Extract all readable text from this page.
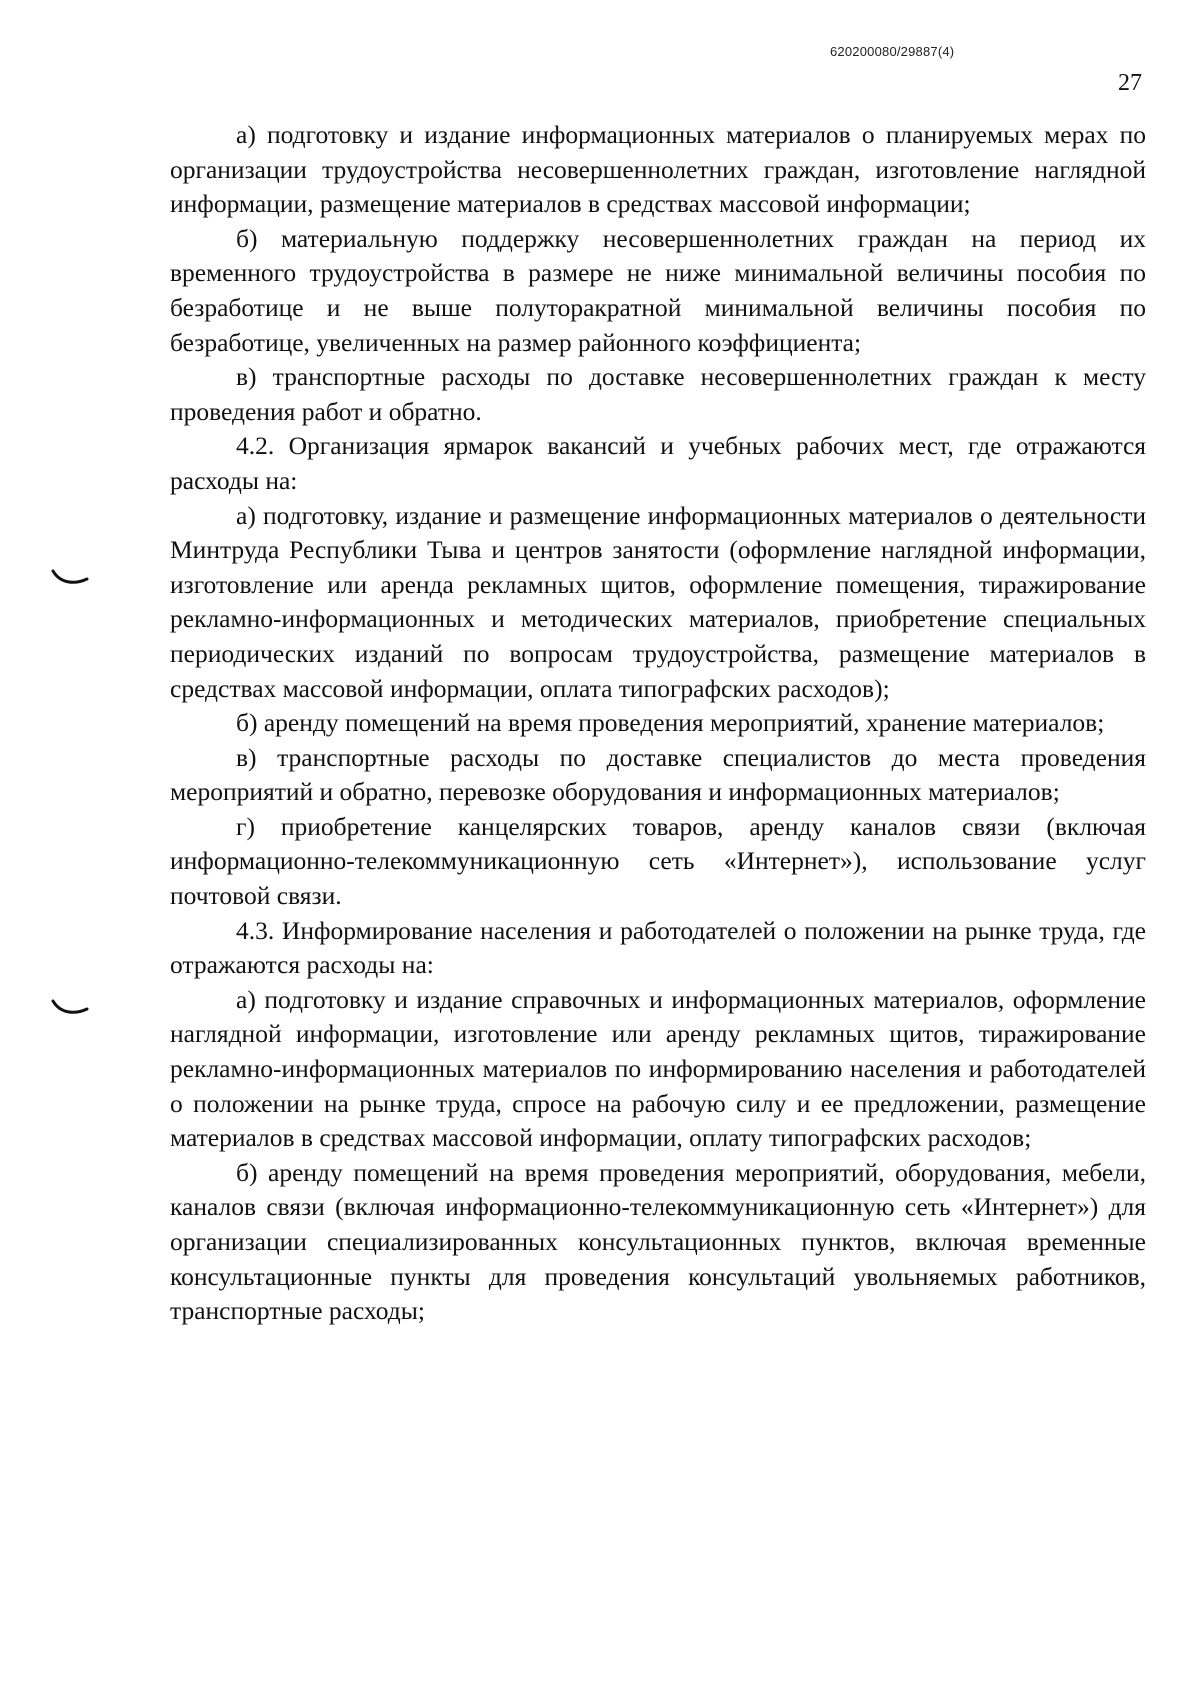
620200080/29887(4)
27

а) подготовку и издание информационных материалов о планируемых мерах по организации трудоустройства несовершеннолетних граждан, изготовление наглядной информации, размещение материалов в средствах массовой информации;

б) материальную поддержку несовершеннолетних граждан на период их временного трудоустройства в размере не ниже минимальной величины пособия по безработице и не выше полуторакратной минимальной величины пособия по безработице, увеличенных на размер районного коэффициента;

в) транспортные расходы по доставке несовершеннолетних граждан к месту проведения работ и обратно.

4.2. Организация ярмарок вакансий и учебных рабочих мест, где отражаются расходы на:

а) подготовку, издание и размещение информационных материалов о деятельности Минтруда Республики Тыва и центров занятости (оформление наглядной информации, изготовление или аренда рекламных щитов, оформление помещения, тиражирование рекламно-информационных и методических материалов, приобретение специальных периодических изданий по вопросам трудоустройства, размещение материалов в средствах массовой информации, оплата типографских расходов);

б) аренду помещений на время проведения мероприятий, хранение материалов;

в) транспортные расходы по доставке специалистов до места проведения мероприятий и обратно, перевозке оборудования и информационных материалов;

г) приобретение канцелярских товаров, аренду каналов связи (включая информационно-телекоммуникационную сеть «Интернет»), использование услуг почтовой связи.

4.3. Информирование населения и работодателей о положении на рынке труда, где отражаются расходы на:

а) подготовку и издание справочных и информационных материалов, оформление наглядной информации, изготовление или аренду рекламных щитов, тиражирование рекламно-информационных материалов по информированию населения и работодателей о положении на рынке труда, спросе на рабочую силу и ее предложении, размещение материалов в средствах массовой информации, оплату типографских расходов;

б) аренду помещений на время проведения мероприятий, оборудования, мебели, каналов связи (включая информационно-телекоммуникационную сеть «Интернет») для организации специализированных консультационных пунктов, включая временные консультационные пункты для проведения консультаций увольняемых работников, транспортные расходы;
